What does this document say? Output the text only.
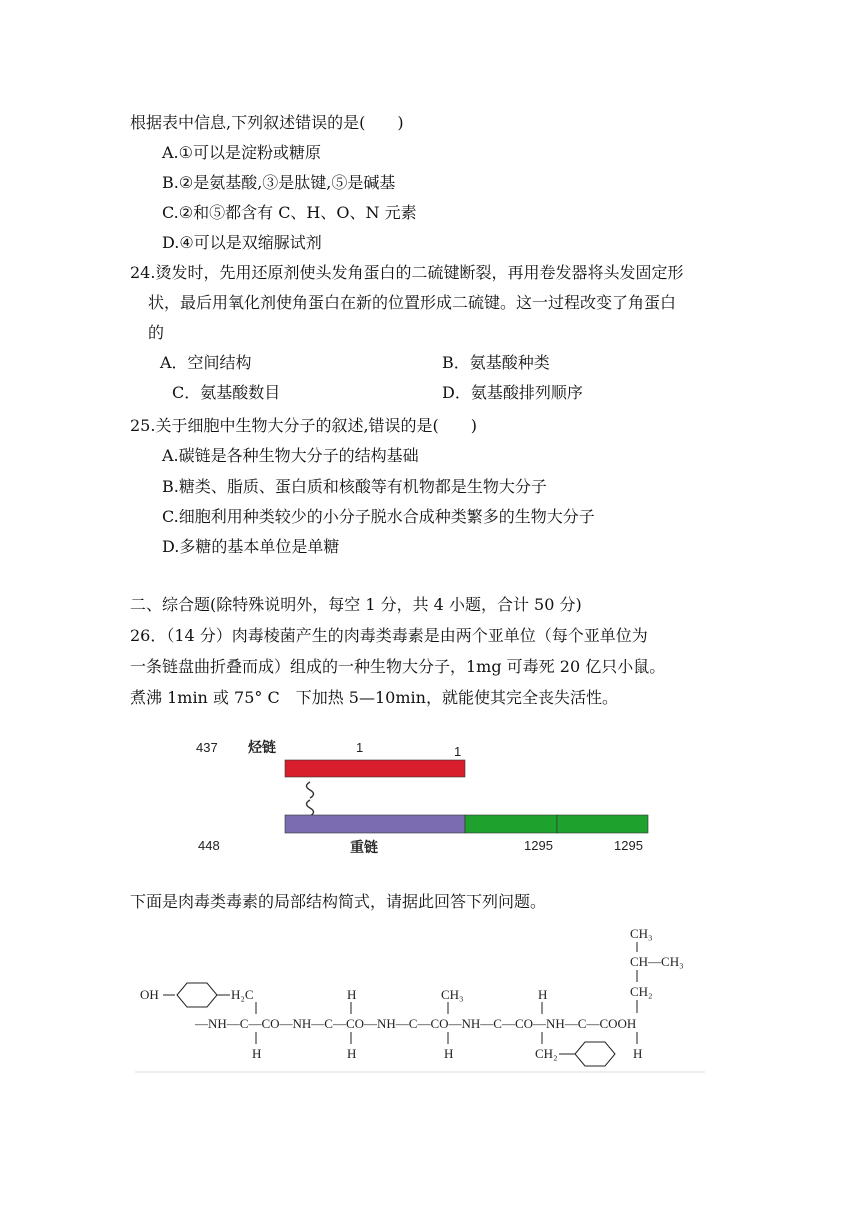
根据表中信息,下列叙述错误的是(　　)
A.①可以是淀粉或糖原
B.②是氨基酸,③是肽键,⑤是碱基
C.②和⑤都含有 C、H、O、N 元素
D.④可以是双缩脲试剂
24.烫发时，先用还原剂使头发角蛋白的二硫键断裂，再用卷发器将头发固定形
状，最后用氧化剂使角蛋白在新的位置形成二硫键。这一过程改变了角蛋白
的
A．空间结构	B．氨基酸种类
C．氨基酸数目	D．氨基酸排列顺序
25.关于细胞中生物大分子的叙述,错误的是(　　)
A.碳链是各种生物大分子的结构基础
B.糖类、脂质、蛋白质和核酸等有机物都是生物大分子
C.细胞利用种类较少的小分子脱水合成种类繁多的生物大分子
D.多糖的基本单位是单糖
二、综合题(除特殊说明外，每空 1 分，共 4 小题，合计 50 分)
26．（14 分）肉毒棱菌产生的肉毒类毒素是由两个亚单位（每个亚单位为
一条链盘曲折叠而成）组成的一种生物大分子，1mg 可毒死 20 亿只小鼠。
煮沸 1min 或 75° C　下加热 5—10min，就能使其完全丧失活性。
437 烃链	1	1
448	重链	1295	1295
下面是肉毒类毒素的局部结构简式，请据此回答下列问题。
CH₃
CH—CH₃
CH₂
OH	H₂C	H	CH₃	H
—NH—C—CO—NH—C—CO—NH—C—CO—NH—C—CO—NH—C—COOH
H	H	H	CH₂	H
